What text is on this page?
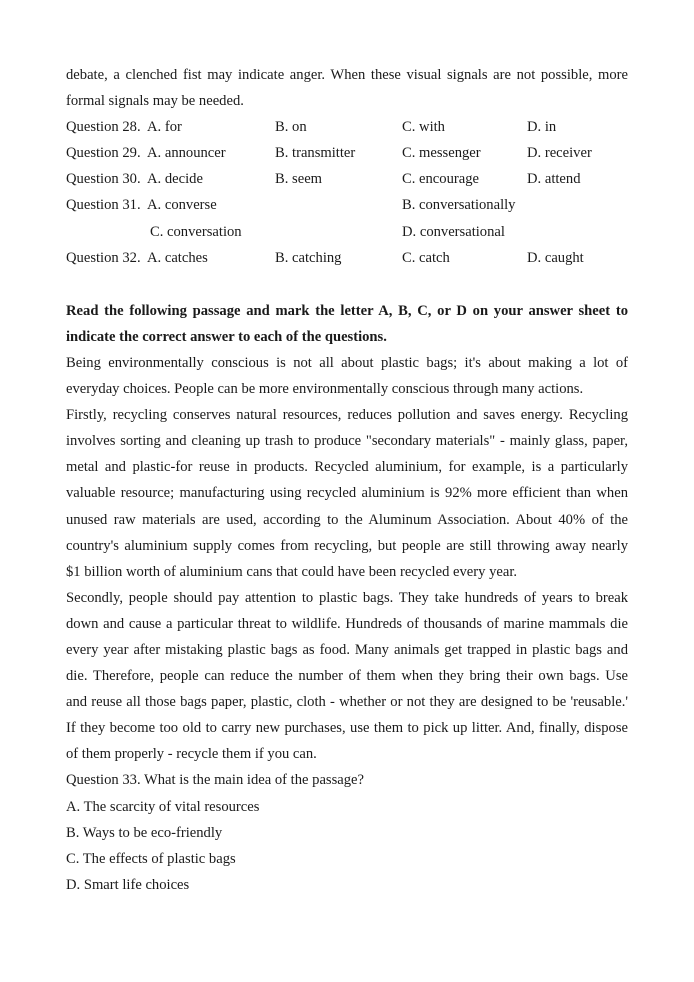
debate, a clenched fist may indicate anger. When these visual signals are not possible, more
formal signals may be needed.
Question 28. A. for	B. on	C. with	D. in
Question 29. A. announcer	B. transmitter	C. messenger	D. receiver
Question 30. A. decide	B. seem	C. encourage	D. attend
Question 31. A. converse	B. conversationally
C. conversation	D. conversational
Question 32. A. catches	B. catching	C. catch	D. caught
Read the following passage and mark the letter A, B, C, or D on your answer sheet to
indicate the correct answer to each of the questions.
Being environmentally conscious is not all about plastic bags; it's about making a lot of
everyday choices. People can be more environmentally conscious through many actions.
Firstly, recycling conserves natural resources, reduces pollution and saves energy. Recycling
involves sorting and cleaning up trash to produce "secondary materials" - mainly glass, paper,
metal and plastic-for reuse in products. Recycled aluminium, for example, is a particularly
valuable resource; manufacturing using recycled aluminium is 92% more efficient than when
unused raw materials are used, according to the Aluminum Association. About 40% of the
country's aluminium supply comes from recycling, but people are still throwing away nearly
$1 billion worth of aluminium cans that could have been recycled every year.
Secondly, people should pay attention to plastic bags. They take hundreds of years to break
down and cause a particular threat to wildlife. Hundreds of thousands of marine mammals die
every year after mistaking plastic bags as food. Many animals get trapped in plastic bags and
die. Therefore, people can reduce the number of them when they bring their own bags. Use
and reuse all those bags paper, plastic, cloth - whether or not they are designed to be 'reusable.'
If they become too old to carry new purchases, use them to pick up litter. And, finally, dispose
of them properly - recycle them if you can.
Question 33. What is the main idea of the passage?
A. The scarcity of vital resources
B. Ways to be eco-friendly
C. The effects of plastic bags
D. Smart life choices
